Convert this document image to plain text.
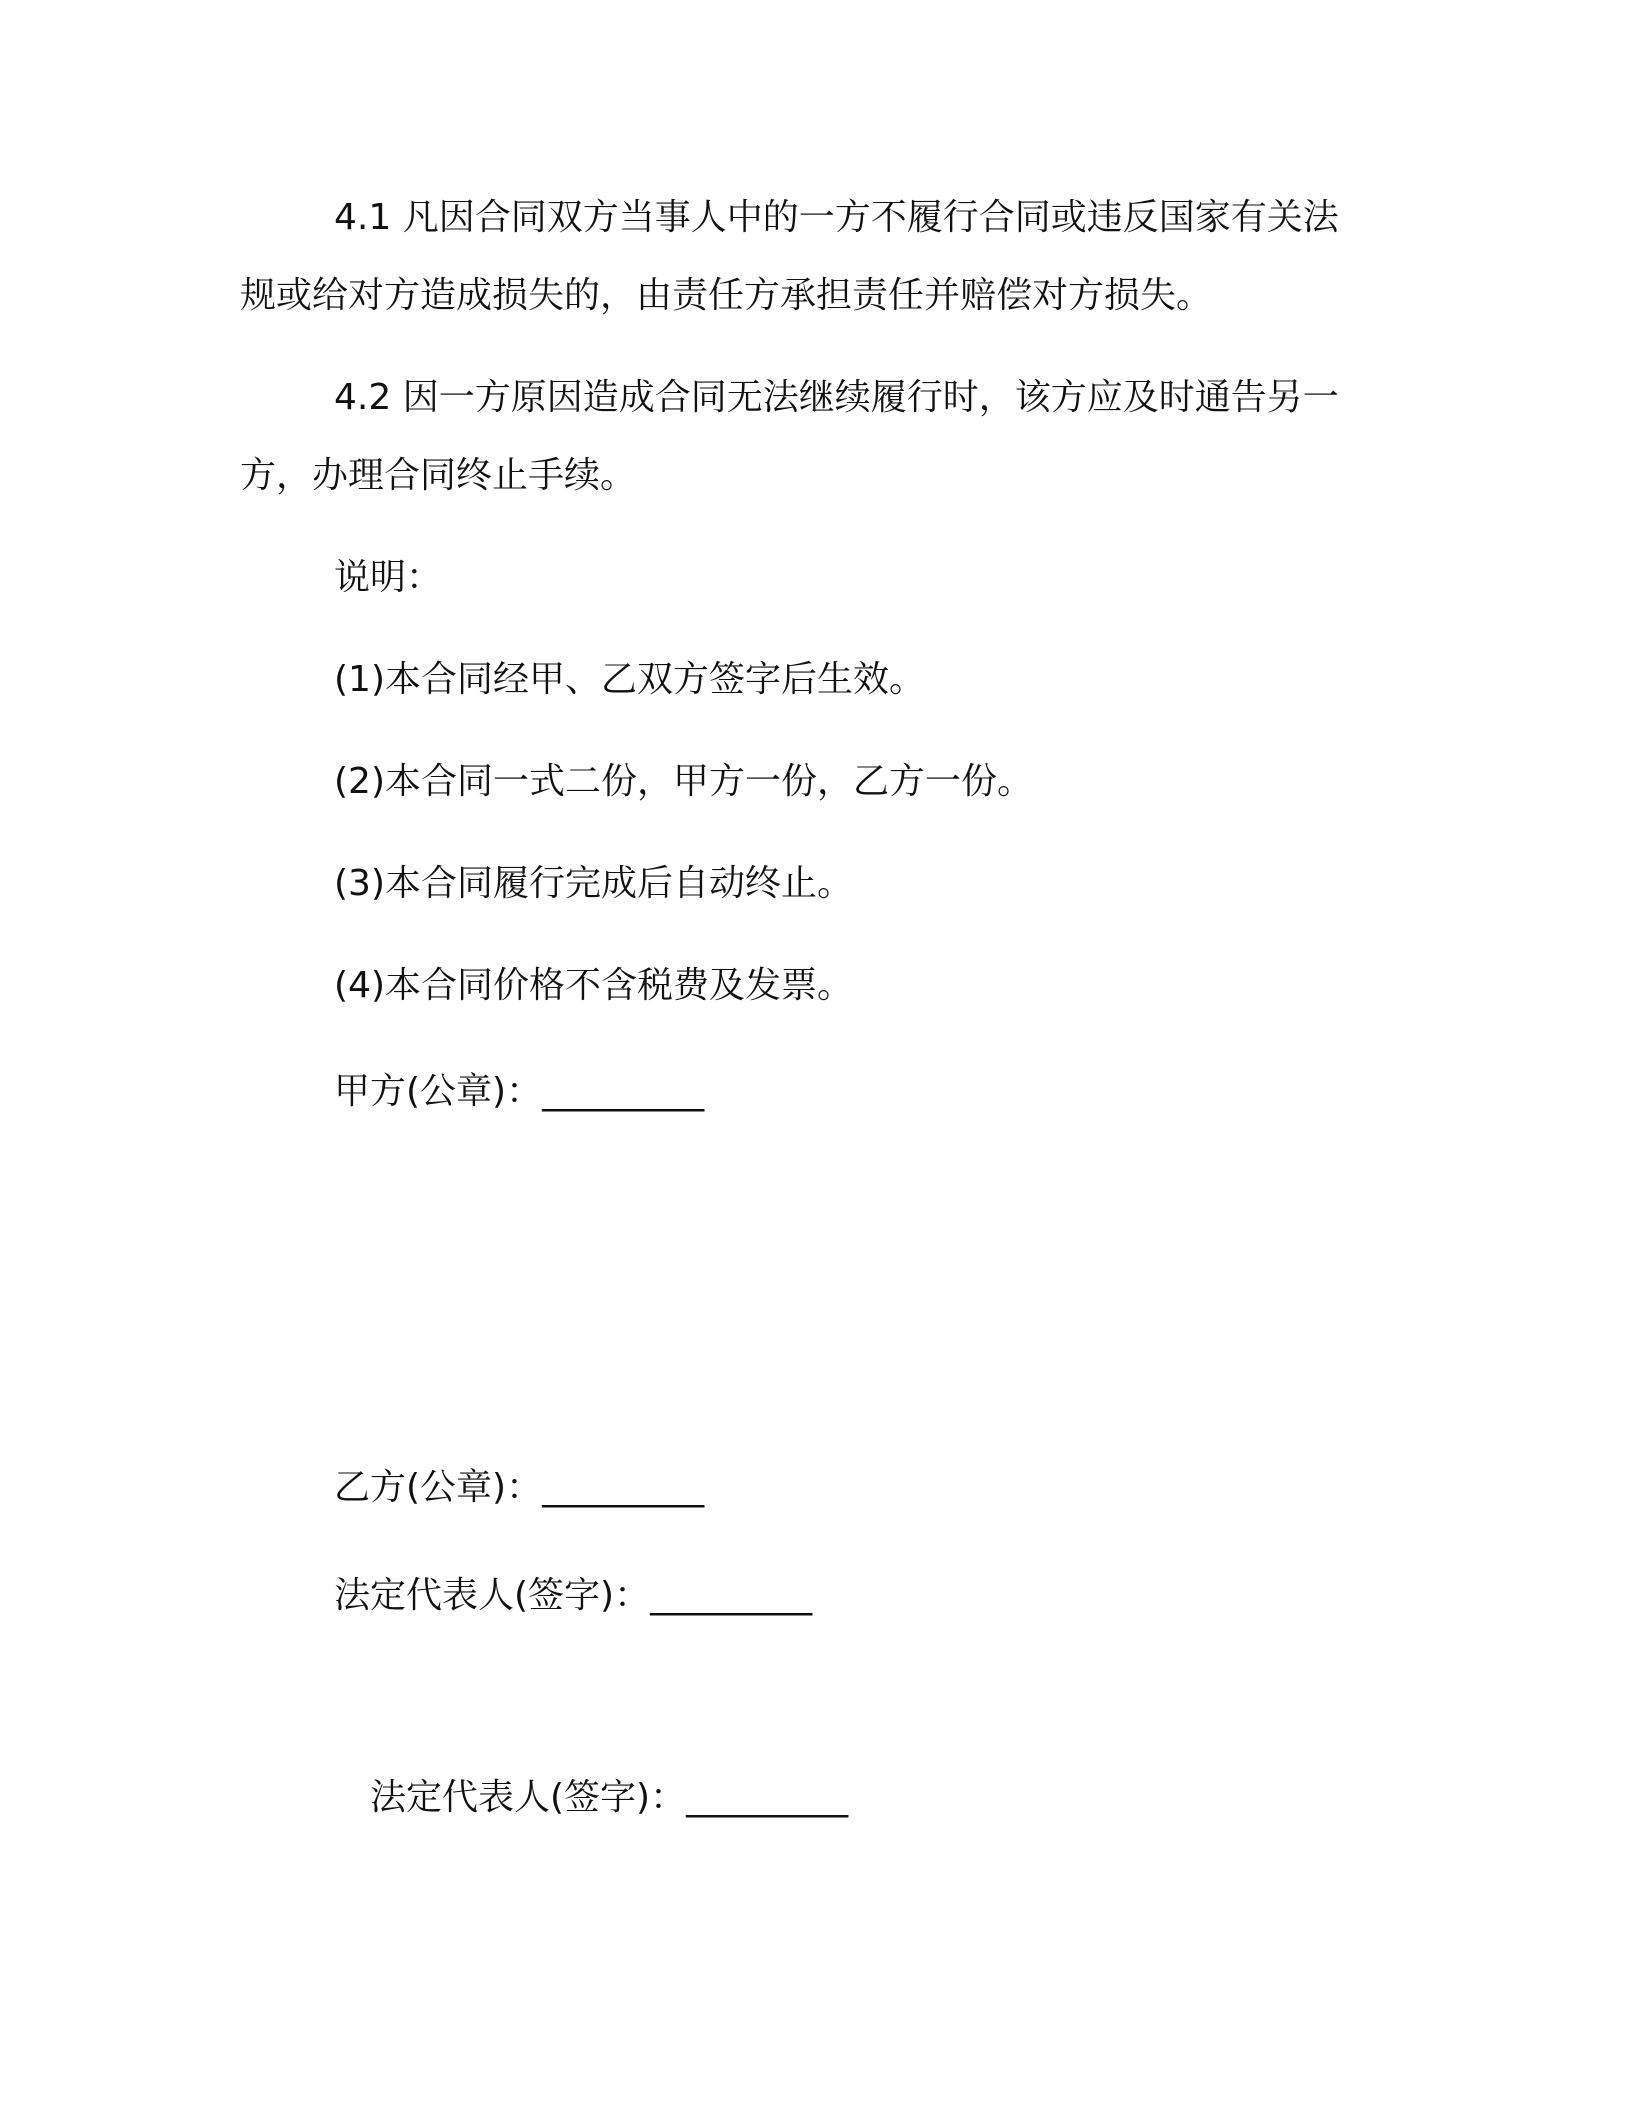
4.1 凡因合同双方当事人中的一方不履行合同或违反国家有关法
规或给对方造成损失的，由责任方承担责任并赔偿对方损失。
4.2 因一方原因造成合同无法继续履行时，该方应及时通告另一
方，办理合同终止手续。
说明：
(1)本合同经甲、乙双方签字后生效。
(2)本合同一式二份，甲方一份，乙方一份。
(3)本合同履行完成后自动终止。
(4)本合同价格不含税费及发票。
甲方(公章)：_________
乙方(公章)：_________
法定代表人(签字)：_________
法定代表人(签字)：_________
